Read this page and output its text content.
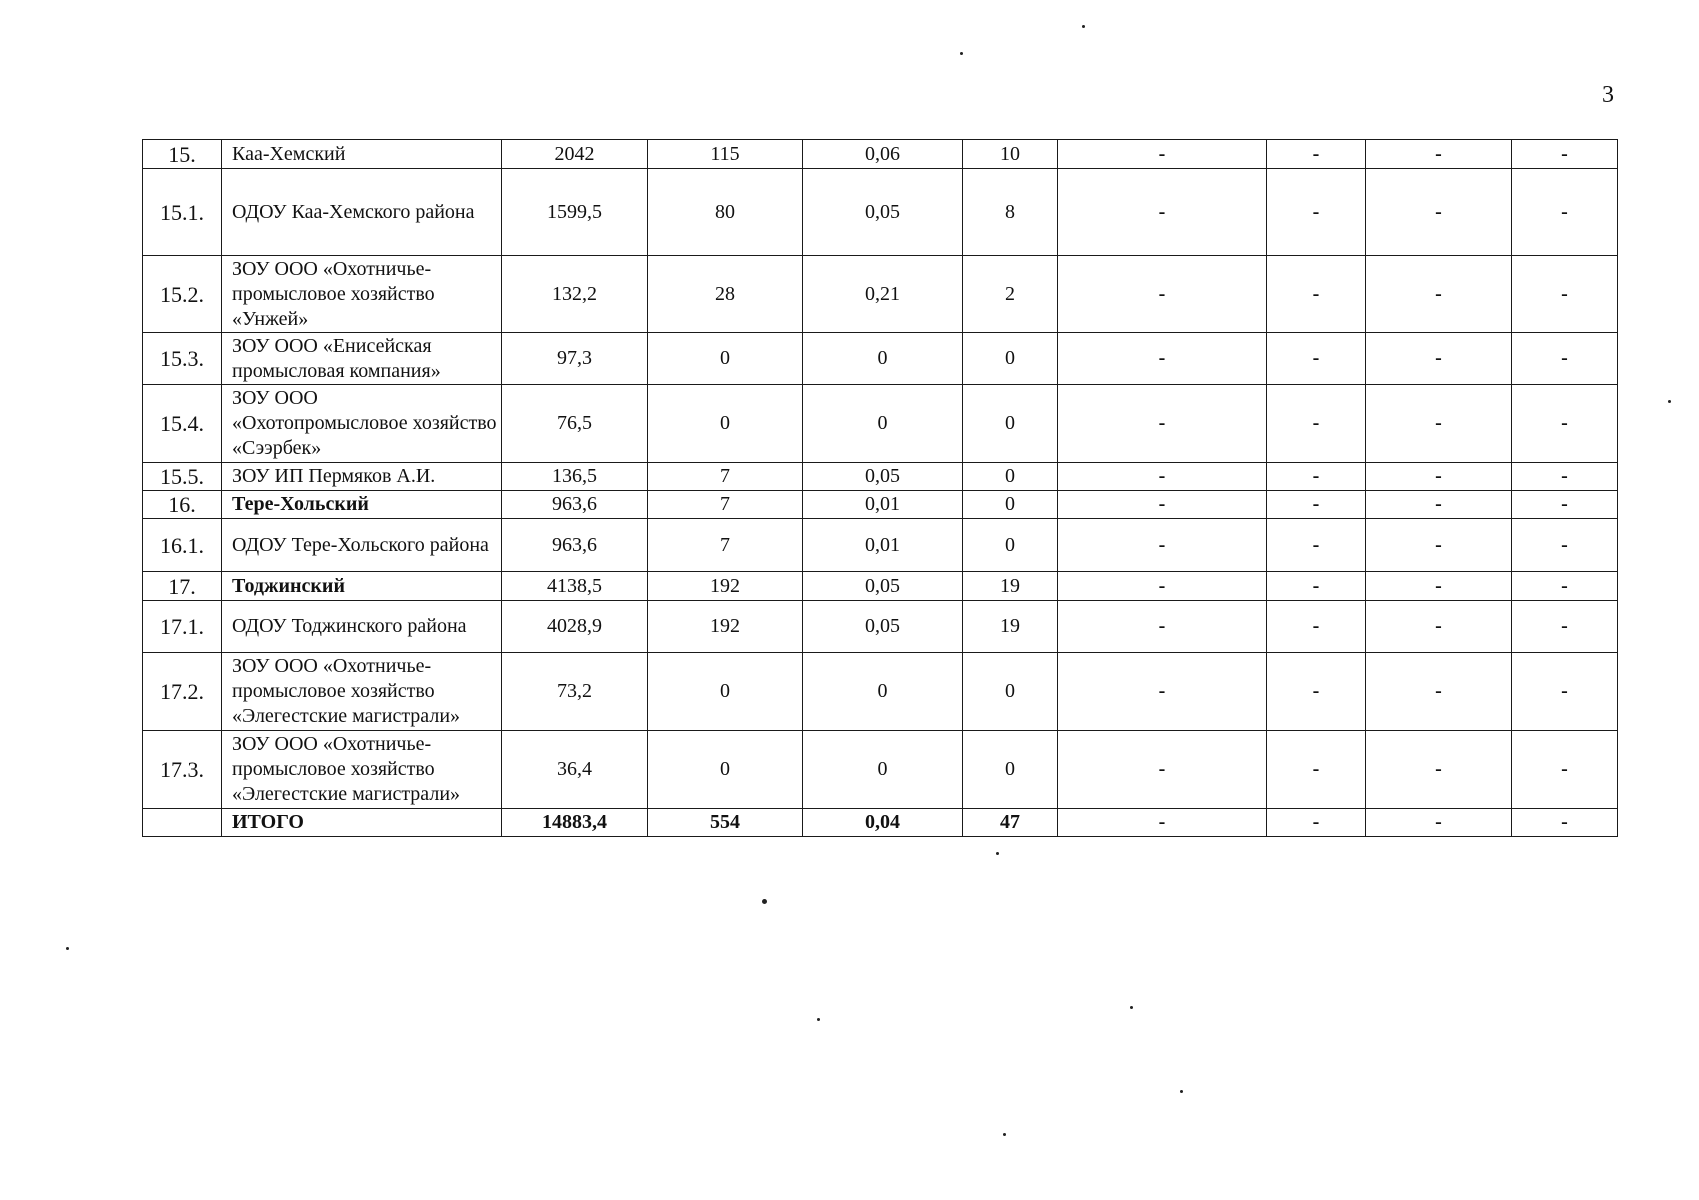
3
15.	Каа-Хемский	2042	115	0,06	10	-	-	-	-
15.1.	ОДОУ Каа-Хемского района	1599,5	80	0,05	8	-	-	-	-
15.2.	ЗОУ ООО «Охотничье-промысловое хозяйство «Унжей»	132,2	28	0,21	2	-	-	-	-
15.3.	ЗОУ ООО «Енисейская промысловая компания»	97,3	0	0	0	-	-	-	-
15.4.	ЗОУ ООО «Охотопромысловое хозяйство «Сээрбек»	76,5	0	0	0	-	-	-	-
15.5.	ЗОУ ИП Пермяков А.И.	136,5	7	0,05	0	-	-	-	-
16.	Тере-Хольский	963,6	7	0,01	0	-	-	-	-
16.1.	ОДОУ Тере-Хольского района	963,6	7	0,01	0	-	-	-	-
17.	Тоджинский	4138,5	192	0,05	19	-	-	-	-
17.1.	ОДОУ Тоджинского района	4028,9	192	0,05	19	-	-	-	-
17.2.	ЗОУ ООО «Охотничье-промысловое хозяйство «Элегестские магистрали»	73,2	0	0	0	-	-	-	-
17.3.	ЗОУ ООО «Охотничье-промысловое хозяйство «Элегестские магистрали»	36,4	0	0	0	-	-	-	-
	ИТОГО	14883,4	554	0,04	47	-	-	-	-
